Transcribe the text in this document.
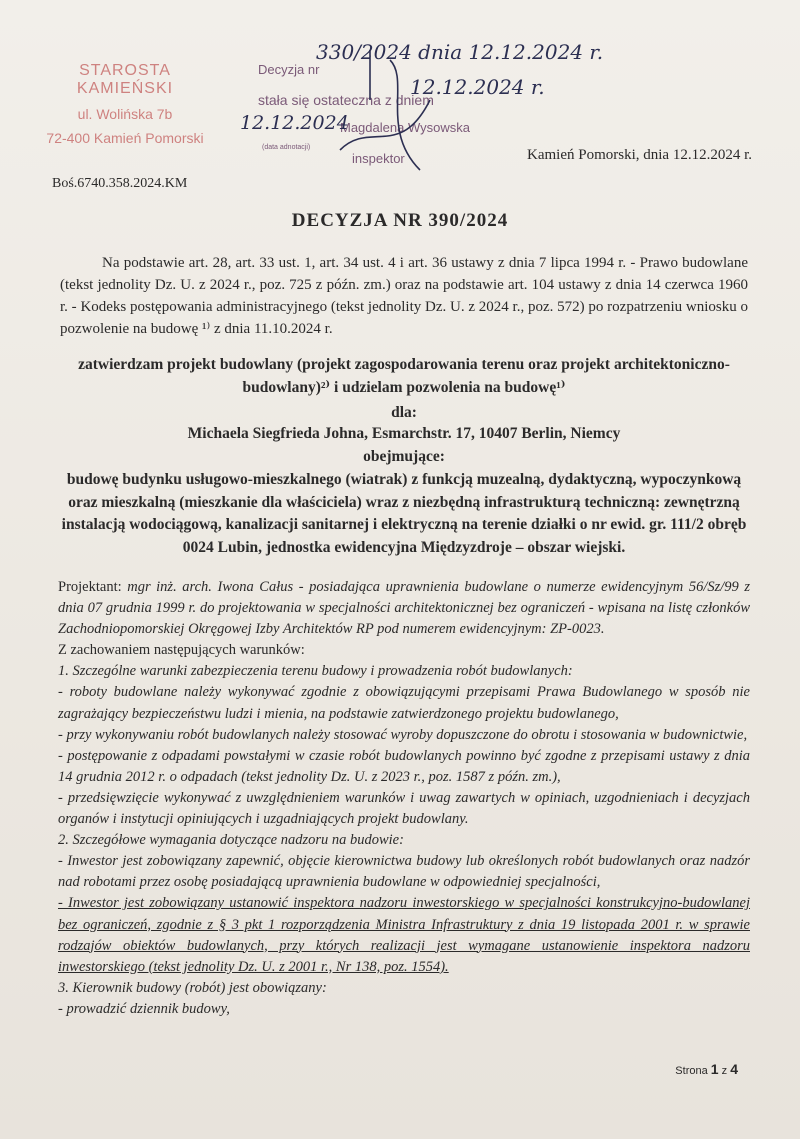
STAROSTA KAMIEŃSKI
ul. Wolińska 7b
72-400 Kamień Pomorski
Decyzja nr
stała się ostateczna z dniem
Magdalena Wysowska
inspektor
(data adnotacji)
330/2024 dnia 12.12.2024 r.
12.12.2024 r.
12.12.2024
Kamień Pomorski, dnia 12.12.2024 r.
Boś.6740.358.2024.KM
DECYZJA NR 390/2024
Na podstawie art. 28, art. 33 ust. 1, art. 34 ust. 4 i art. 36 ustawy z dnia 7 lipca 1994 r. - Prawo budowlane (tekst jednolity Dz. U. z 2024 r., poz. 725 z późn. zm.) oraz na podstawie art. 104 ustawy z dnia 14 czerwca 1960 r. - Kodeks postępowania administracyjnego (tekst jednolity Dz. U. z 2024 r., poz. 572) po rozpatrzeniu wniosku o pozwolenie na budowę ¹⁾ z dnia 11.10.2024 r.
zatwierdzam projekt budowlany (projekt zagospodarowania terenu oraz projekt architektoniczno-budowlany)²⁾ i udzielam pozwolenia na budowę¹⁾
dla:
Michaela Siegfrieda Johna, Esmarchstr. 17, 10407 Berlin, Niemcy
obejmujące:
budowę budynku usługowo-mieszkalnego (wiatrak) z funkcją muzealną, dydaktyczną, wypoczynkową oraz mieszkalną (mieszkanie dla właściciela) wraz z niezbędną infrastrukturą techniczną: zewnętrzną instalacją wodociągową, kanalizacji sanitarnej i elektryczną na terenie działki o nr ewid. gr. 111/2 obręb 0024 Lubin, jednostka ewidencyjna Międzyzdroje – obszar wiejski.

Projektant: mgr inż. arch. Iwona Całus - posiadająca uprawnienia budowlane o numerze ewidencyjnym 56/Sz/99 z dnia 07 grudnia 1999 r. do projektowania w specjalności architektonicznej bez ograniczeń - wpisana na listę członków Zachodniopomorskiej Okręgowej Izby Architektów RP pod numerem ewidencyjnym: ZP-0023.

Z zachowaniem następujących warunków:

1. Szczególne warunki zabezpieczenia terenu budowy i prowadzenia robót budowlanych:

- roboty budowlane należy wykonywać zgodnie z obowiązującymi przepisami Prawa Budowlanego w sposób nie zagrażający bezpieczeństwu ludzi i mienia, na podstawie zatwierdzonego projektu budowlanego,

- przy wykonywaniu robót budowlanych należy stosować wyroby dopuszczone do obrotu i stosowania w budownictwie,

- postępowanie z odpadami powstałymi w czasie robót budowlanych powinno być zgodne z przepisami ustawy z dnia 14 grudnia 2012 r. o odpadach (tekst jednolity Dz. U. z 2023 r., poz. 1587 z późn. zm.),

- przedsięwzięcie wykonywać z uwzględnieniem warunków i uwag zawartych w opiniach, uzgodnieniach i decyzjach organów i instytucji opiniujących i uzgadniających projekt budowlany.

2. Szczegółowe wymagania dotyczące nadzoru na budowie:

- Inwestor jest zobowiązany zapewnić, objęcie kierownictwa budowy lub określonych robót budowlanych oraz nadzór nad robotami przez osobę posiadającą uprawnienia budowlane w odpowiedniej specjalności,

- Inwestor jest zobowiązany ustanowić inspektora nadzoru inwestorskiego w specjalności konstrukcyjno-budowlanej bez ograniczeń, zgodnie z § 3 pkt 1 rozporządzenia Ministra Infrastruktury z dnia 19 listopada 2001 r. w sprawie rodzajów obiektów budowlanych, przy których realizacji jest wymagane ustanowienie inspektora nadzoru inwestorskiego (tekst jednolity Dz. U. z 2001 r., Nr 138, poz. 1554).

3. Kierownik budowy (robót) jest obowiązany:

- prowadzić dziennik budowy,

Strona 1 z 4
